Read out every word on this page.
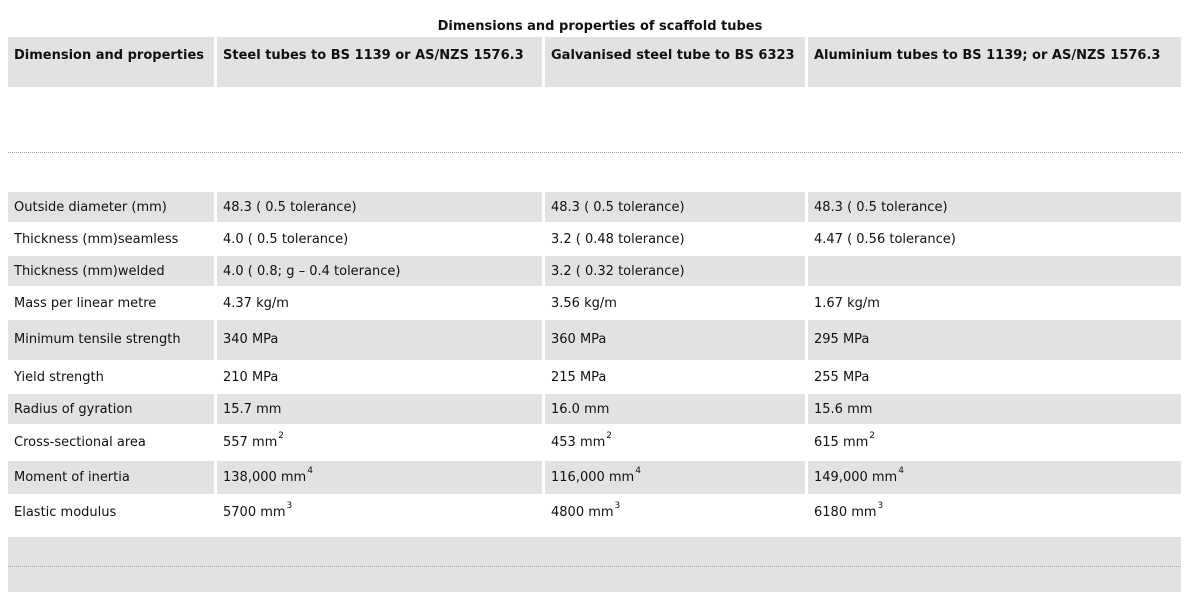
Dimensions and properties of scaffold tubes
Dimension and properties	Steel tubes to BS 1139 or AS/NZS 1576.3	Galvanised steel tube to BS 6323	Aluminium tubes to BS 1139; or AS/NZS 1576.3
Outside diameter (mm)	48.3 ( 0.5 tolerance)	48.3 ( 0.5 tolerance)	48.3 ( 0.5 tolerance)
Thickness (mm)seamless	4.0 ( 0.5 tolerance)	3.2 ( 0.48 tolerance)	4.47 ( 0.56 tolerance)
Thickness (mm)welded	4.0 ( 0.8; g – 0.4 tolerance)	3.2 ( 0.32 tolerance)
Mass per linear metre	4.37 kg/m	3.56 kg/m	1.67 kg/m
Minimum tensile strength	340 MPa	360 MPa	295 MPa
Yield strength	210 MPa	215 MPa	255 MPa
Radius of gyration	15.7 mm	16.0 mm	15.6 mm
Cross-sectional area	557 mm 2	453 mm 2	615 mm 2
Moment of inertia	138,000 mm 4	116,000 mm 4	149,000 mm 4
Elastic modulus	5700 mm 3	4800 mm 3	6180 mm 3
